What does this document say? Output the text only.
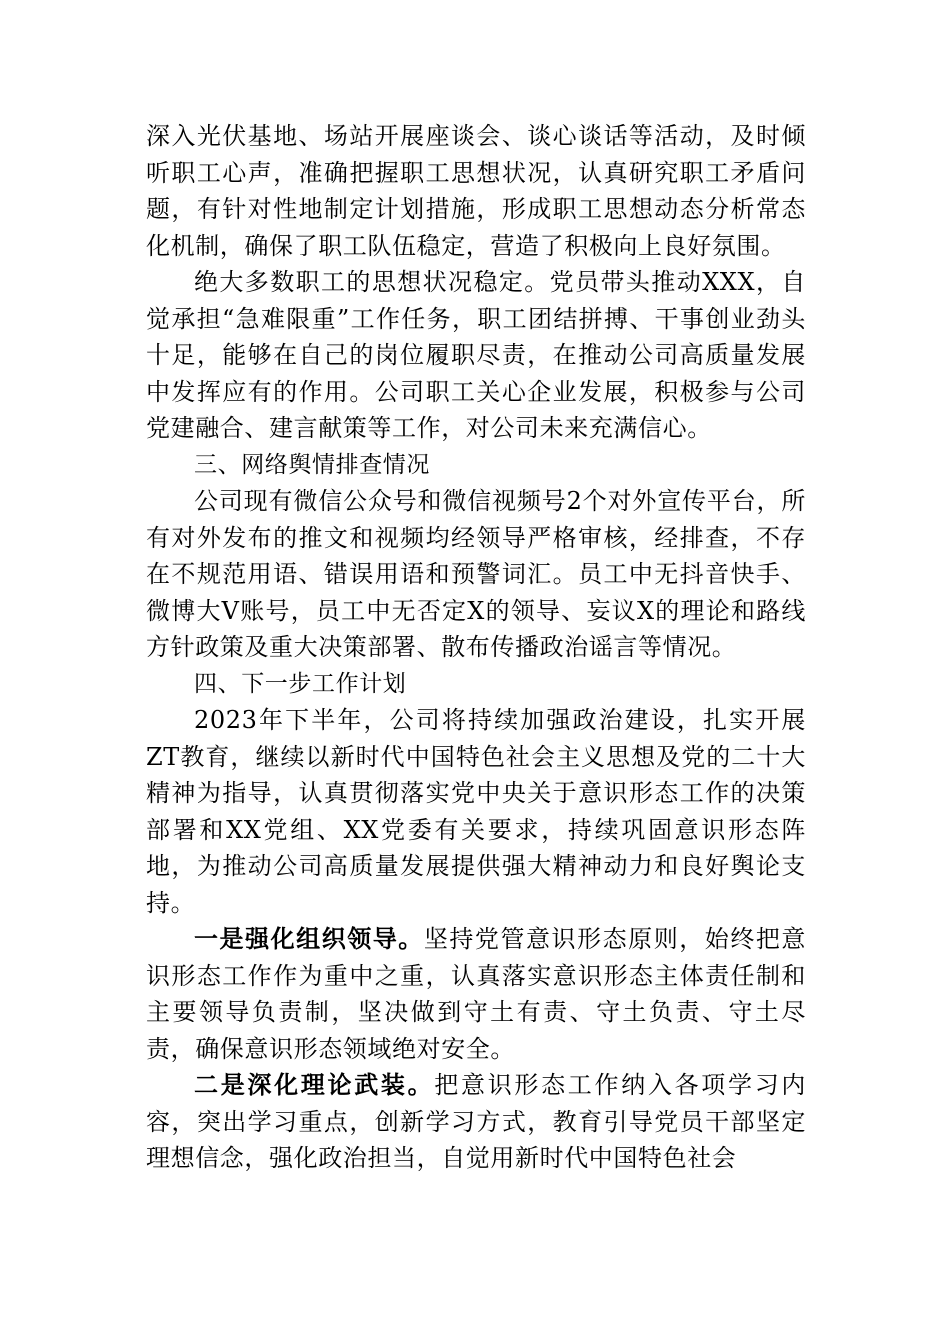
深入光伏基地、场站开展座谈会、谈心谈话等活动，及时倾听职工心声，准确把握职工思想状况，认真研究职工矛盾问题，有针对性地制定计划措施，形成职工思想动态分析常态化机制，确保了职工队伍稳定，营造了积极向上良好氛围。

绝大多数职工的思想状况稳定。党员带头推动XXX，自觉承担“急难限重”工作任务，职工团结拼搏、干事创业劲头十足，能够在自己的岗位履职尽责，在推动公司高质量发展中发挥应有的作用。公司职工关心企业发展，积极参与公司党建融合、建言献策等工作，对公司未来充满信心。

三、网络舆情排查情况

公司现有微信公众号和微信视频号2个对外宣传平台，所有对外发布的推文和视频均经领导严格审核，经排查，不存在不规范用语、错误用语和预警词汇。员工中无抖音快手、微博大V账号，员工中无否定X的领导、妄议X的理论和路线方针政策及重大决策部署、散布传播政治谣言等情况。

四、下一步工作计划

2023年下半年，公司将持续加强政治建设，扎实开展ZT教育，继续以新时代中国特色社会主义思想及党的二十大精神为指导，认真贯彻落实党中央关于意识形态工作的决策部署和XX党组、XX党委有关要求，持续巩固意识形态阵地，为推动公司高质量发展提供强大精神动力和良好舆论支持。

一是强化组织领导。坚持党管意识形态原则，始终把意识形态工作作为重中之重，认真落实意识形态主体责任制和主要领导负责制，坚决做到守土有责、守土负责、守土尽责，确保意识形态领域绝对安全。

二是深化理论武装。把意识形态工作纳入各项学习内容，突出学习重点，创新学习方式，教育引导党员干部坚定理想信念，强化政治担当，自觉用新时代中国特色社会
